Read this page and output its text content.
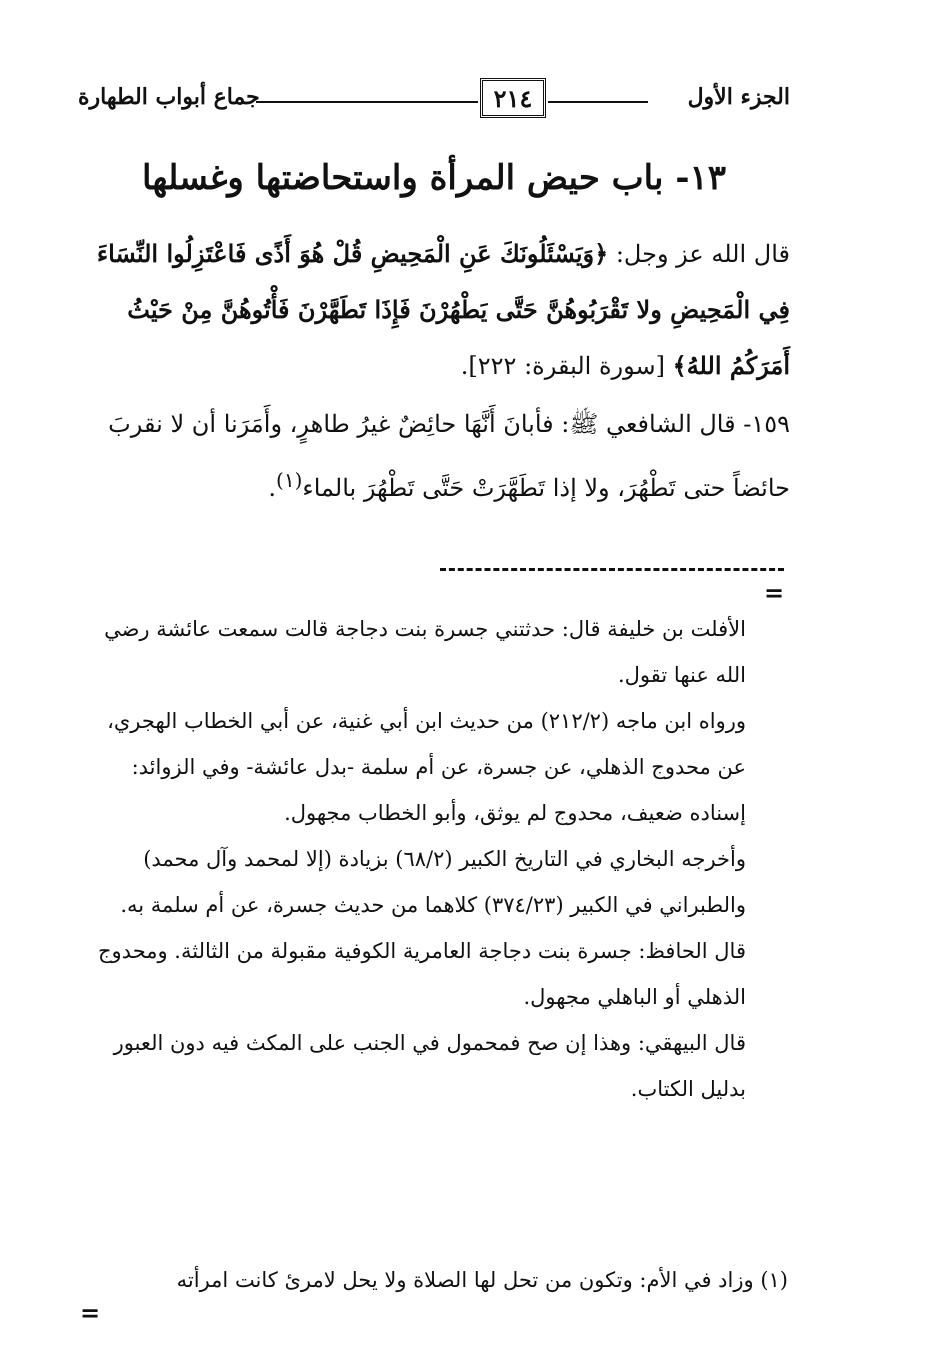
الجزء الأول
٢١٤
جماع أبواب الطهارة
١٣- باب حيض المرأة واستحاضتها وغسلها

قال الله عز وجل: ﴿وَيَسْئَلُونَكَ عَنِ الْمَحِيضِ قُلْ هُوَ أَذًى فَاعْتَزِلُوا النِّسَاءَ فِي الْمَحِيضِ ولا تَقْرَبُوهُنَّ حَتَّى يَطْهُرْنَ فَإِذَا تَطَهَّرْنَ فَأْتُوهُنَّ مِنْ حَيْثُ أَمَرَكُمُ اللهُ﴾ [سورة البقرة: ٢٢٢].

١٥٩- قال الشافعي ﷺ: فأبانَ أَنَّهَا حائِضٌ غيرُ طاهرٍ، وأَمَرَنا أن لا نقربَ حائضاً حتى تَطْهُرَ، ولا إذا تَطَهَّرَتْ حَتَّى تَطْهُرَ بالماء$^{(١)}$.

=

الأفلت بن خليفة قال: حدثتني جسرة بنت دجاجة قالت سمعت عائشة رضي الله عنها تقول.

ورواه ابن ماجه (٢١٢/٢) من حديث ابن أبي غنية، عن أبي الخطاب الهجري، عن محدوج الذهلي، عن جسرة، عن أم سلمة -بدل عائشة- وفي الزوائد: إسناده ضعيف، محدوج لم يوثق، وأبو الخطاب مجهول.

وأخرجه البخاري في التاريخ الكبير (٦٨/٢) بزيادة (إلا لمحمد وآل محمد) والطبراني في الكبير (٣٧٤/٢٣) كلاهما من حديث جسرة، عن أم سلمة به.

قال الحافظ: جسرة بنت دجاجة العامرية الكوفية مقبولة من الثالثة. ومحدوج الذهلي أو الباهلي مجهول.

قال البيهقي: وهذا إن صح فمحمول في الجنب على المكث فيه دون العبور بدليل الكتاب.

(١) وزاد في الأم: وتكون من تحل لها الصلاة ولا يحل لامرئ كانت امرأته
=
